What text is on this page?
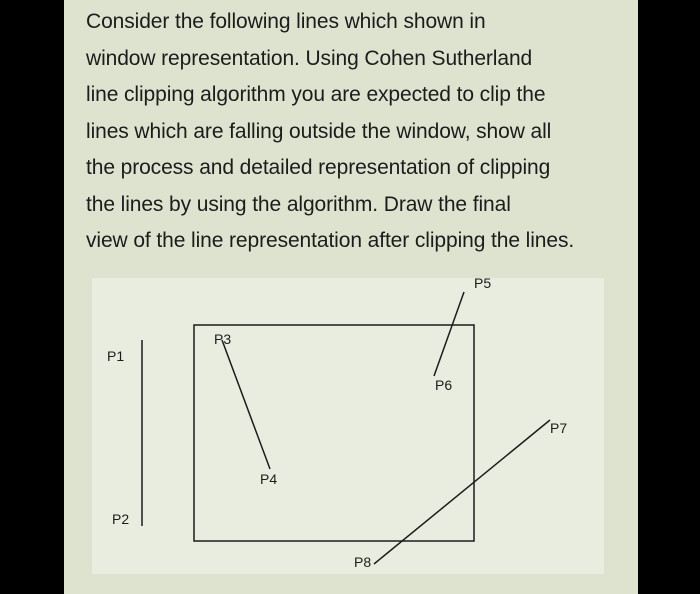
Consider the following lines which shown in
window representation. Using Cohen Sutherland
line clipping algorithm you are expected to clip the
lines which are falling outside the window, show all
the process and detailed representation of clipping
the lines by using the algorithm. Draw the final
view of the line representation after clipping the lines.

P1
P2
P3
P4
P5
P6
P7
P8
